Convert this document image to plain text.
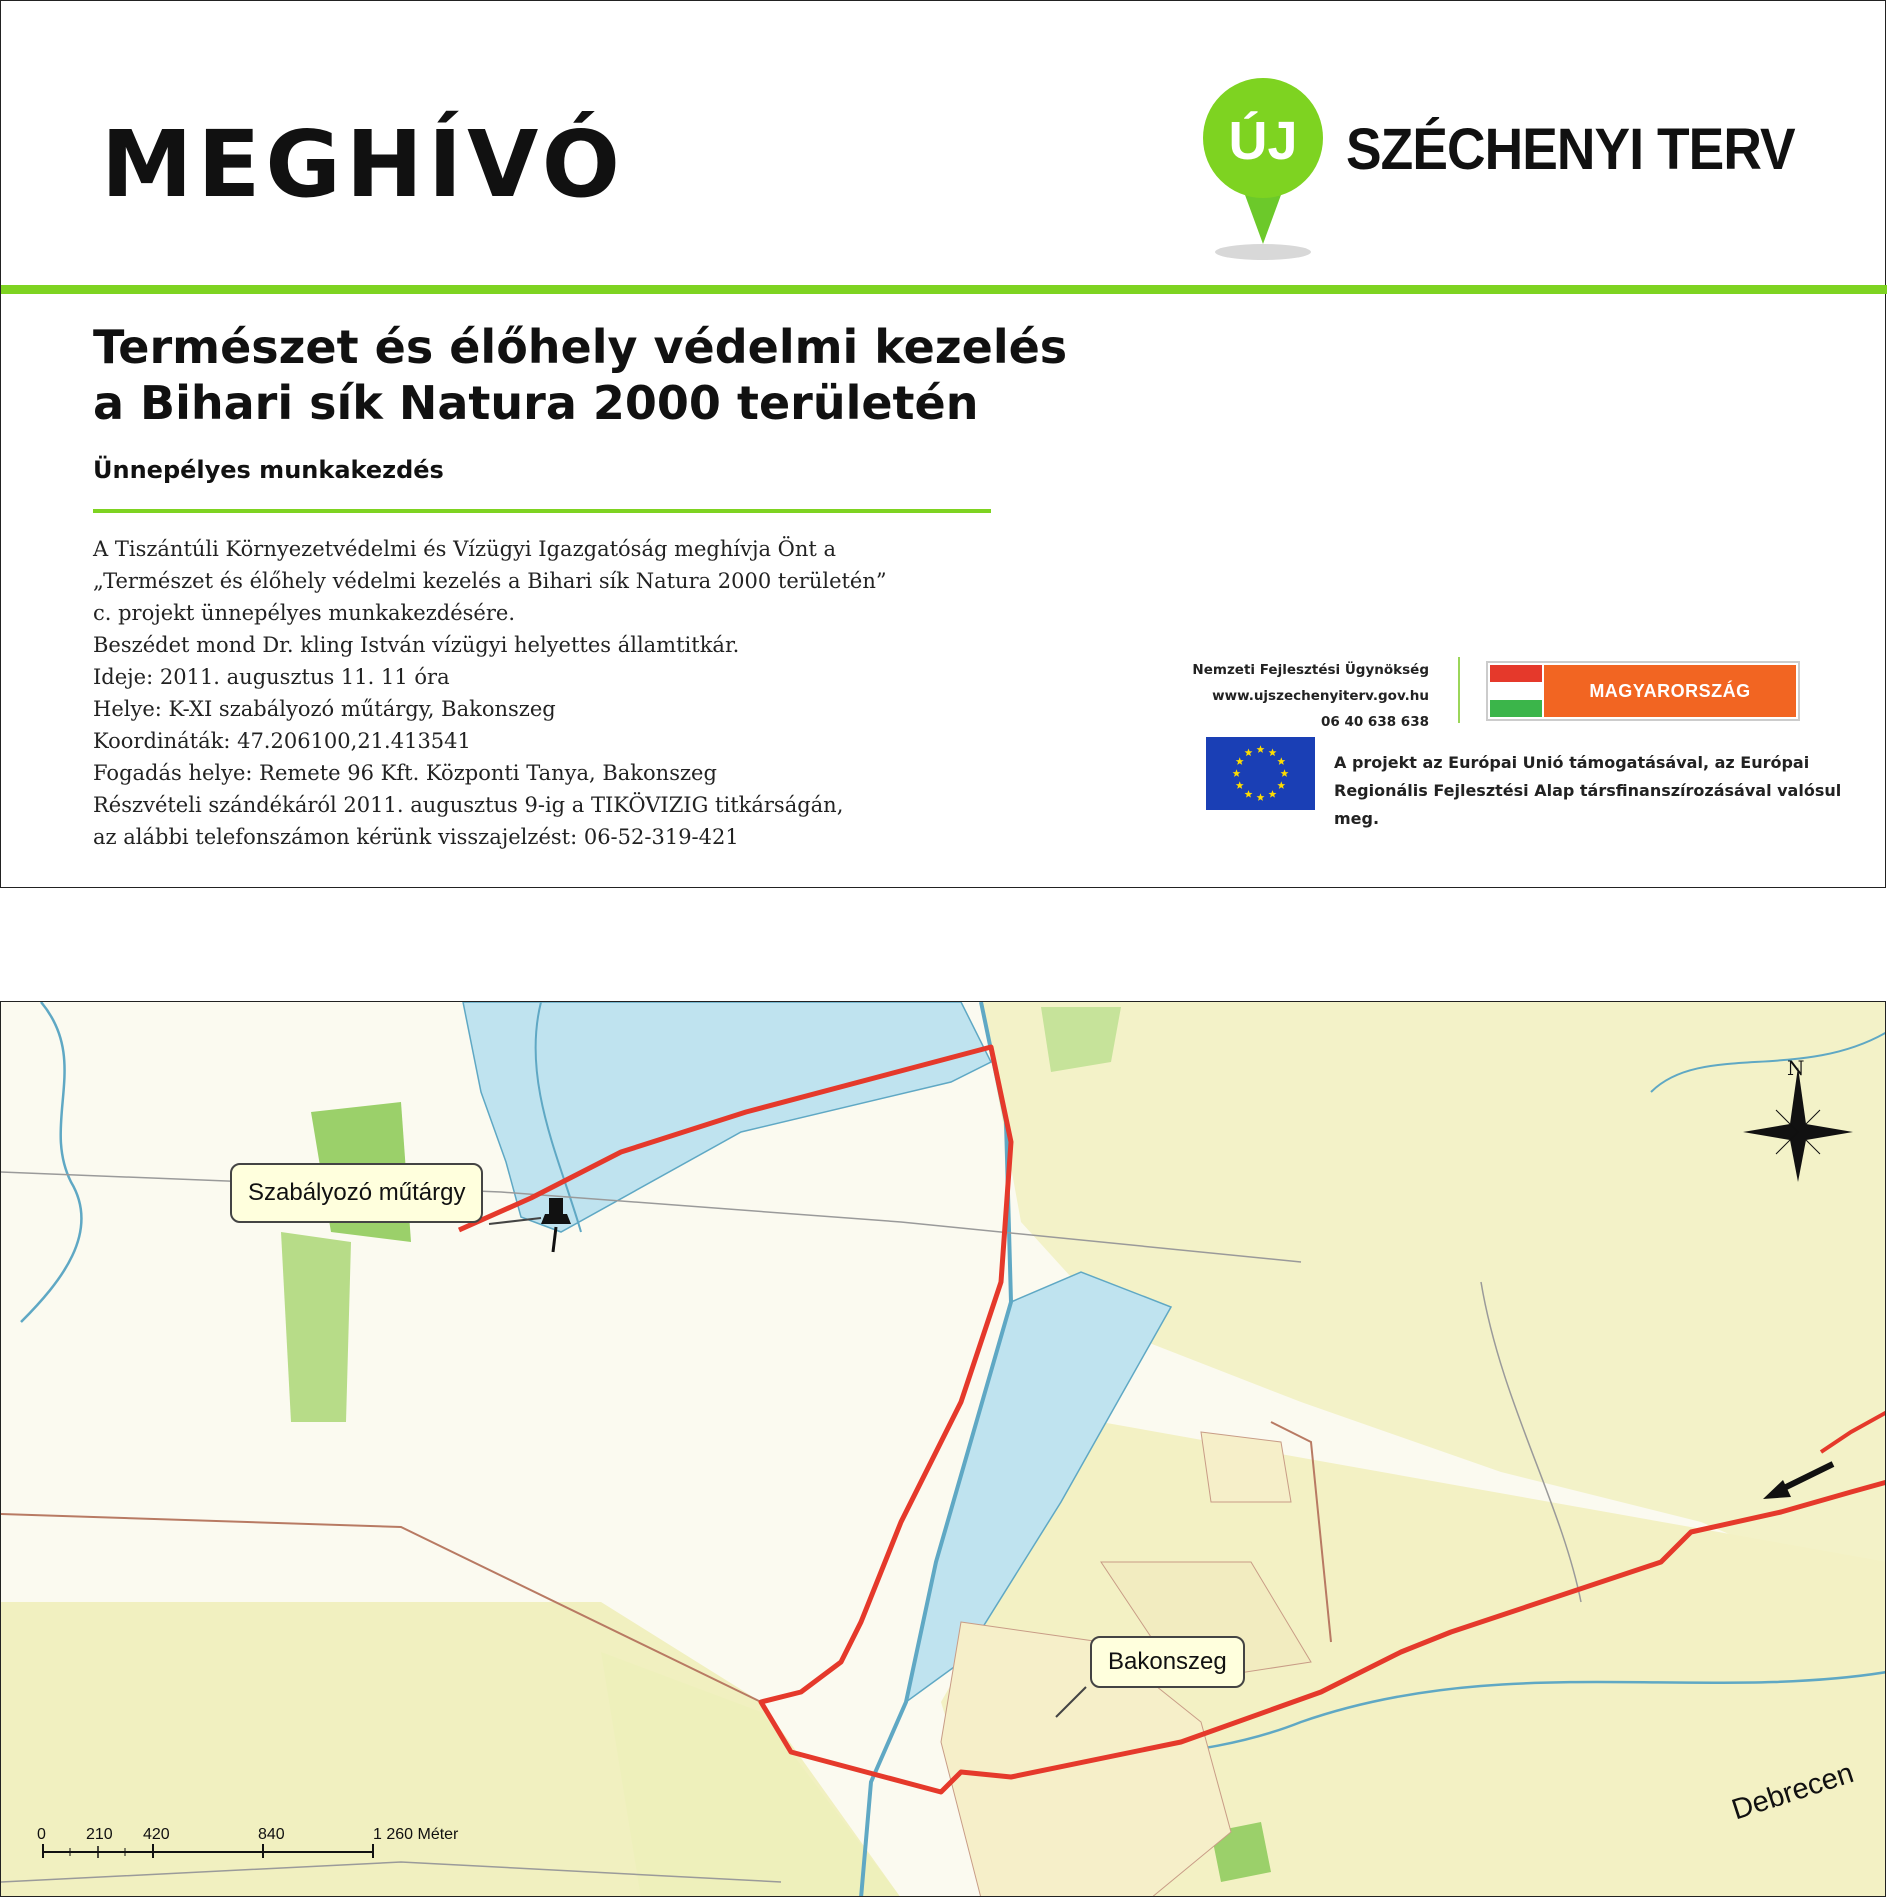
MEGHÍVÓ	ÚJ SZÉCHENYI TERV
Természet és élőhely védelmi kezelés
a Bihari sík Natura 2000 területén
Ünnepélyes munkakezdés
A Tiszántúli Környezetvédelmi és Vízügyi Igazgatóság meghívja Önt a
„Természet és élőhely védelmi kezelés a Bihari sík Natura 2000 területén”
c. projekt ünnepélyes munkakezdésére.
Beszédet mond Dr. kling István vízügyi helyettes államtitkár.
Ideje: 2011. augusztus 11. 11 óra
Helye: K-XI szabályozó műtárgy, Bakonszeg
Koordináták: 47.206100,21.413541
Fogadás helye: Remete 96 Kft. Központi Tanya, Bakonszeg
Részvételi szándékáról 2011. augusztus 9-ig a TIKÖVIZIG titkárságán,
az alábbi telefonszámon kérünk visszajelzést: 06-52-319-421
Nemzeti Fejlesztési Ügynökség
www.ujszechenyiterv.gov.hu
06 40 638 638
MAGYARORSZÁG MEGÚJUL
A projekt az Európai Unió támogatásával, az Európai
Regionális Fejlesztési Alap társfinanszírozásával valósul meg.
Szabályozó műtárgy
Bakonszeg
Debrecen
N
0	210 420	840	1 260 Méter
